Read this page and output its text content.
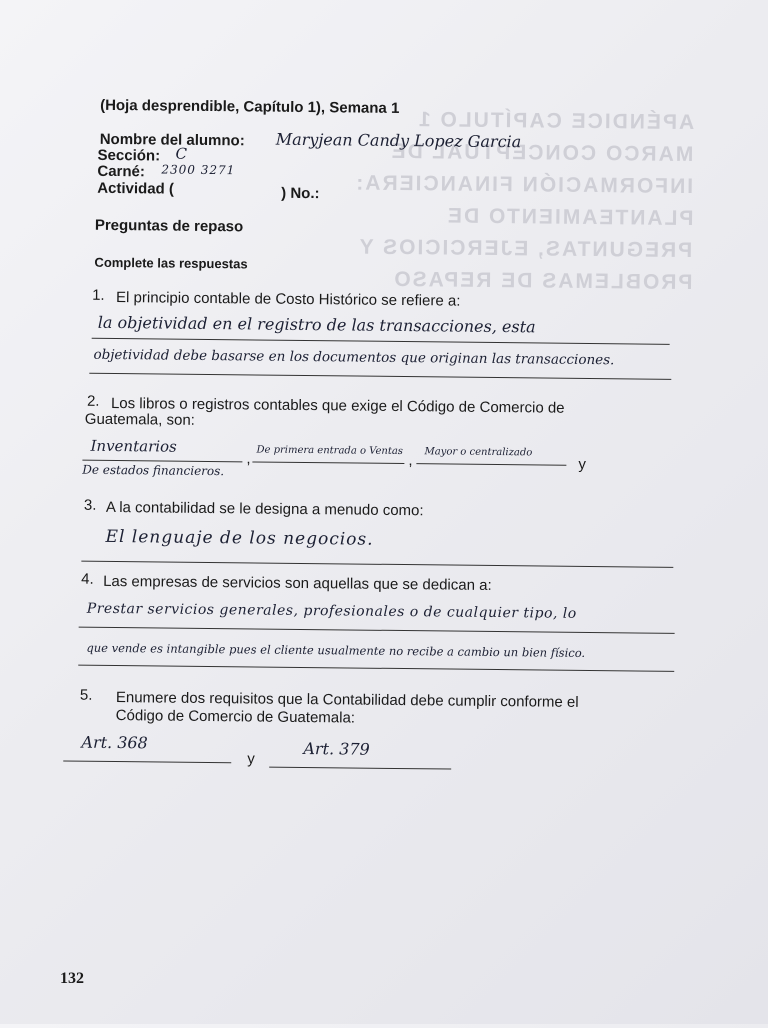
APÉNDICE CAPÍTULO 1
MARCO CONCEPTUAL DE
INFORMACIÓN FINANCIERA:
PLANTEAMIENTO DE
PREGUNTAS, EJERCICIOS Y
PROBLEMAS DE REPASO
(Hoja desprendible, Capítulo 1), Semana 1
Nombre del alumno: Maryjean Candy Lopez Garcia
Sección: C
Carné: 2300 3271
Actividad (	) No.:
Preguntas de repaso
Complete las respuestas
1. El principio contable de Costo Histórico se refiere a:
la objetividad en el registro de las transacciones, esta
objetividad debe basarse en los documentos que originan las transacciones.
2. Los libros o registros contables que exige el Código de Comercio de
Guatemala, son:
Inventarios
, De primera entrada o Ventas
, Mayor o centralizado
y
De estados financieros.
3. A la contabilidad se le designa a menudo como:
El lenguaje de los negocios.
4. Las empresas de servicios son aquellas que se dedican a:
Prestar servicios generales, profesionales o de cualquier tipo, lo
que vende es intangible pues el cliente usualmente no recibe a cambio un bien físico.
5. Enumere dos requisitos que la Contabilidad debe cumplir conforme el
Código de Comercio de Guatemala:
Art. 368
y
Art. 379
132
